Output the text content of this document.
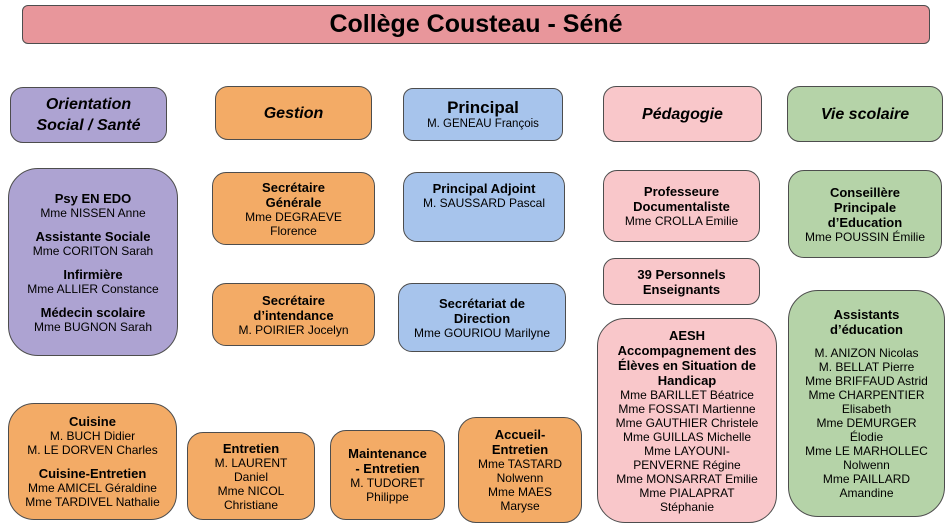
Collège Cousteau - Séné
Orientation
Social / Santé
Gestion	Principal
M. GENEAU François
Pédagogie	Vie scolaire
Psy EN EDO
Mme NISSEN Anne
Assistante Sociale
Mme CORITON Sarah
Infirmière
Mme ALLIER Constance
Médecin scolaire
Mme BUGNON Sarah
Secrétaire
Générale
Mme DEGRAEVE
Florence
Secrétaire
d’intendance
M. POIRIER Jocelyn
Principal Adjoint
M. SAUSSARD Pascal
Secrétariat de
Direction
Mme GOURIOU Marilyne
Professeure
Documentaliste
Mme CROLLA Emilie
39 Personnels
Enseignants
AESH
Accompagnement des
Élèves en Situation de
Handicap
Mme BARILLET Béatrice
Mme FOSSATI Martienne
Mme GAUTHIER Christele
Mme GUILLAS Michelle
Mme LAYOUNI-
PENVERNE Régine
Mme MONSARRAT Emilie
Mme PIALAPRAT
Stéphanie
Conseillère
Principale
d’Education
Mme POUSSIN Émilie
Assistants
d’éducation
M. ANIZON Nicolas
M. BELLAT Pierre
Mme BRIFFAUD Astrid
Mme CHARPENTIER
Elisabeth
Mme DEMURGER
Élodie
Mme LE MARHOLLEC
Nolwenn
Mme PAILLARD
Amandine
Cuisine
M. BUCH Didier
M. LE DORVEN Charles
Cuisine-Entretien
Mme AMICEL Géraldine
Mme TARDIVEL Nathalie
Entretien
M. LAURENT
Daniel
Mme NICOL
Christiane
Maintenance
- Entretien
M. TUDORET
Philippe
Accueil-
Entretien
Mme TASTARD
Nolwenn
Mme MAES
Maryse
